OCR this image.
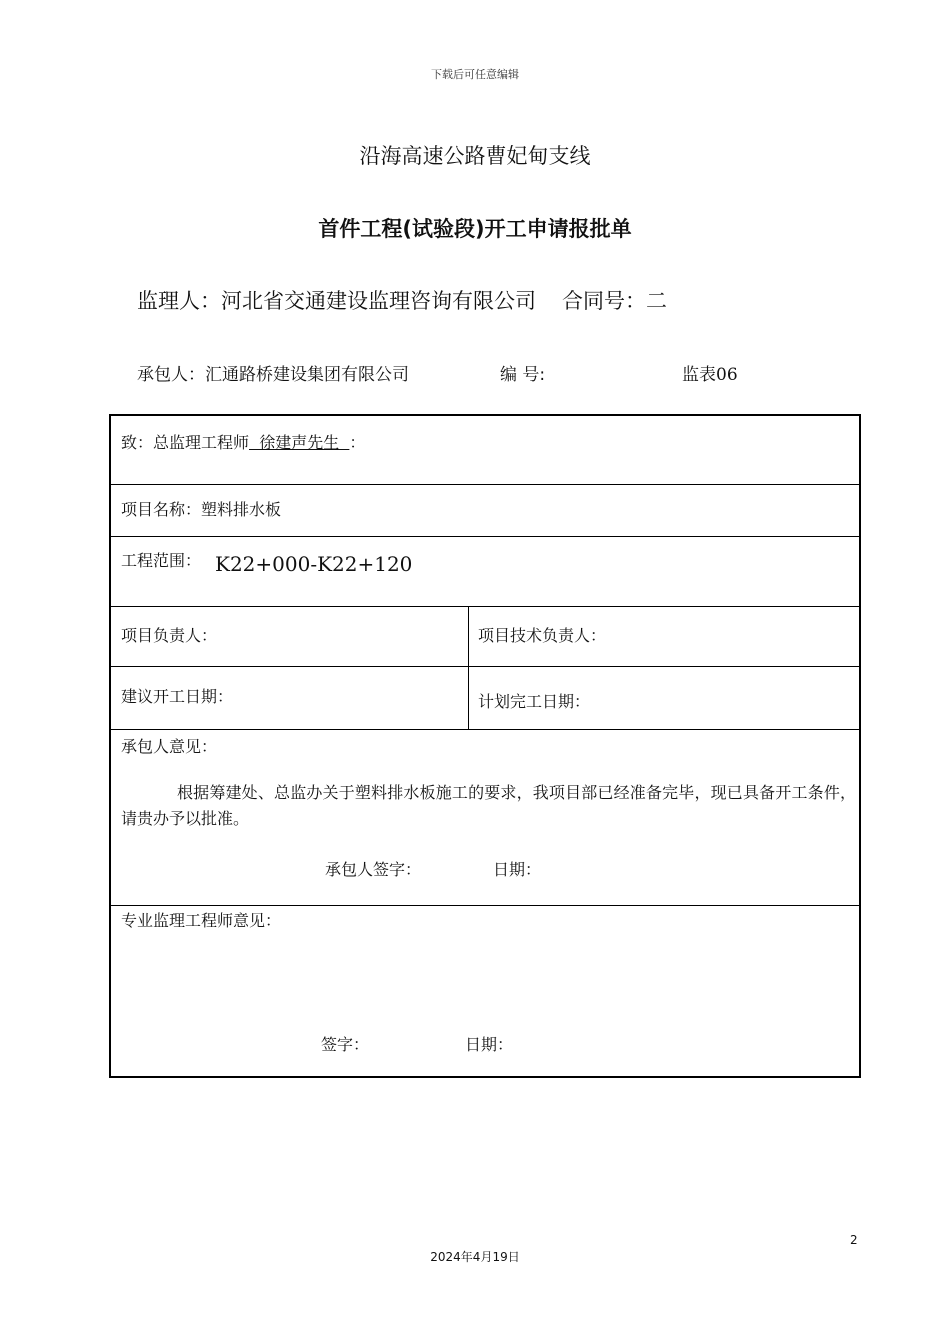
下载后可任意编辑
沿海高速公路曹妃甸支线
首件工程(试验段)开工申请报批单
监理人：河北省交通建设监理咨询有限公司 合同号：二
承包人：汇通路桥建设集团有限公司	编 号:	监表06
致：总监理工程师  徐建声先生  ：
项目名称：塑料排水板
工程范围： K22+000-K22+120
项目负责人：	项目技术负责人：
建议开工日期：	计划完工日期：
承包人意见：
根据筹建处、总监办关于塑料排水板施工的要求，我项目部已经准备完毕，现已具备开工条件，请贵办予以批准。
承包人签字：	日期：
专业监理工程师意见：
签字：	日期：
2
2024年4月19日
